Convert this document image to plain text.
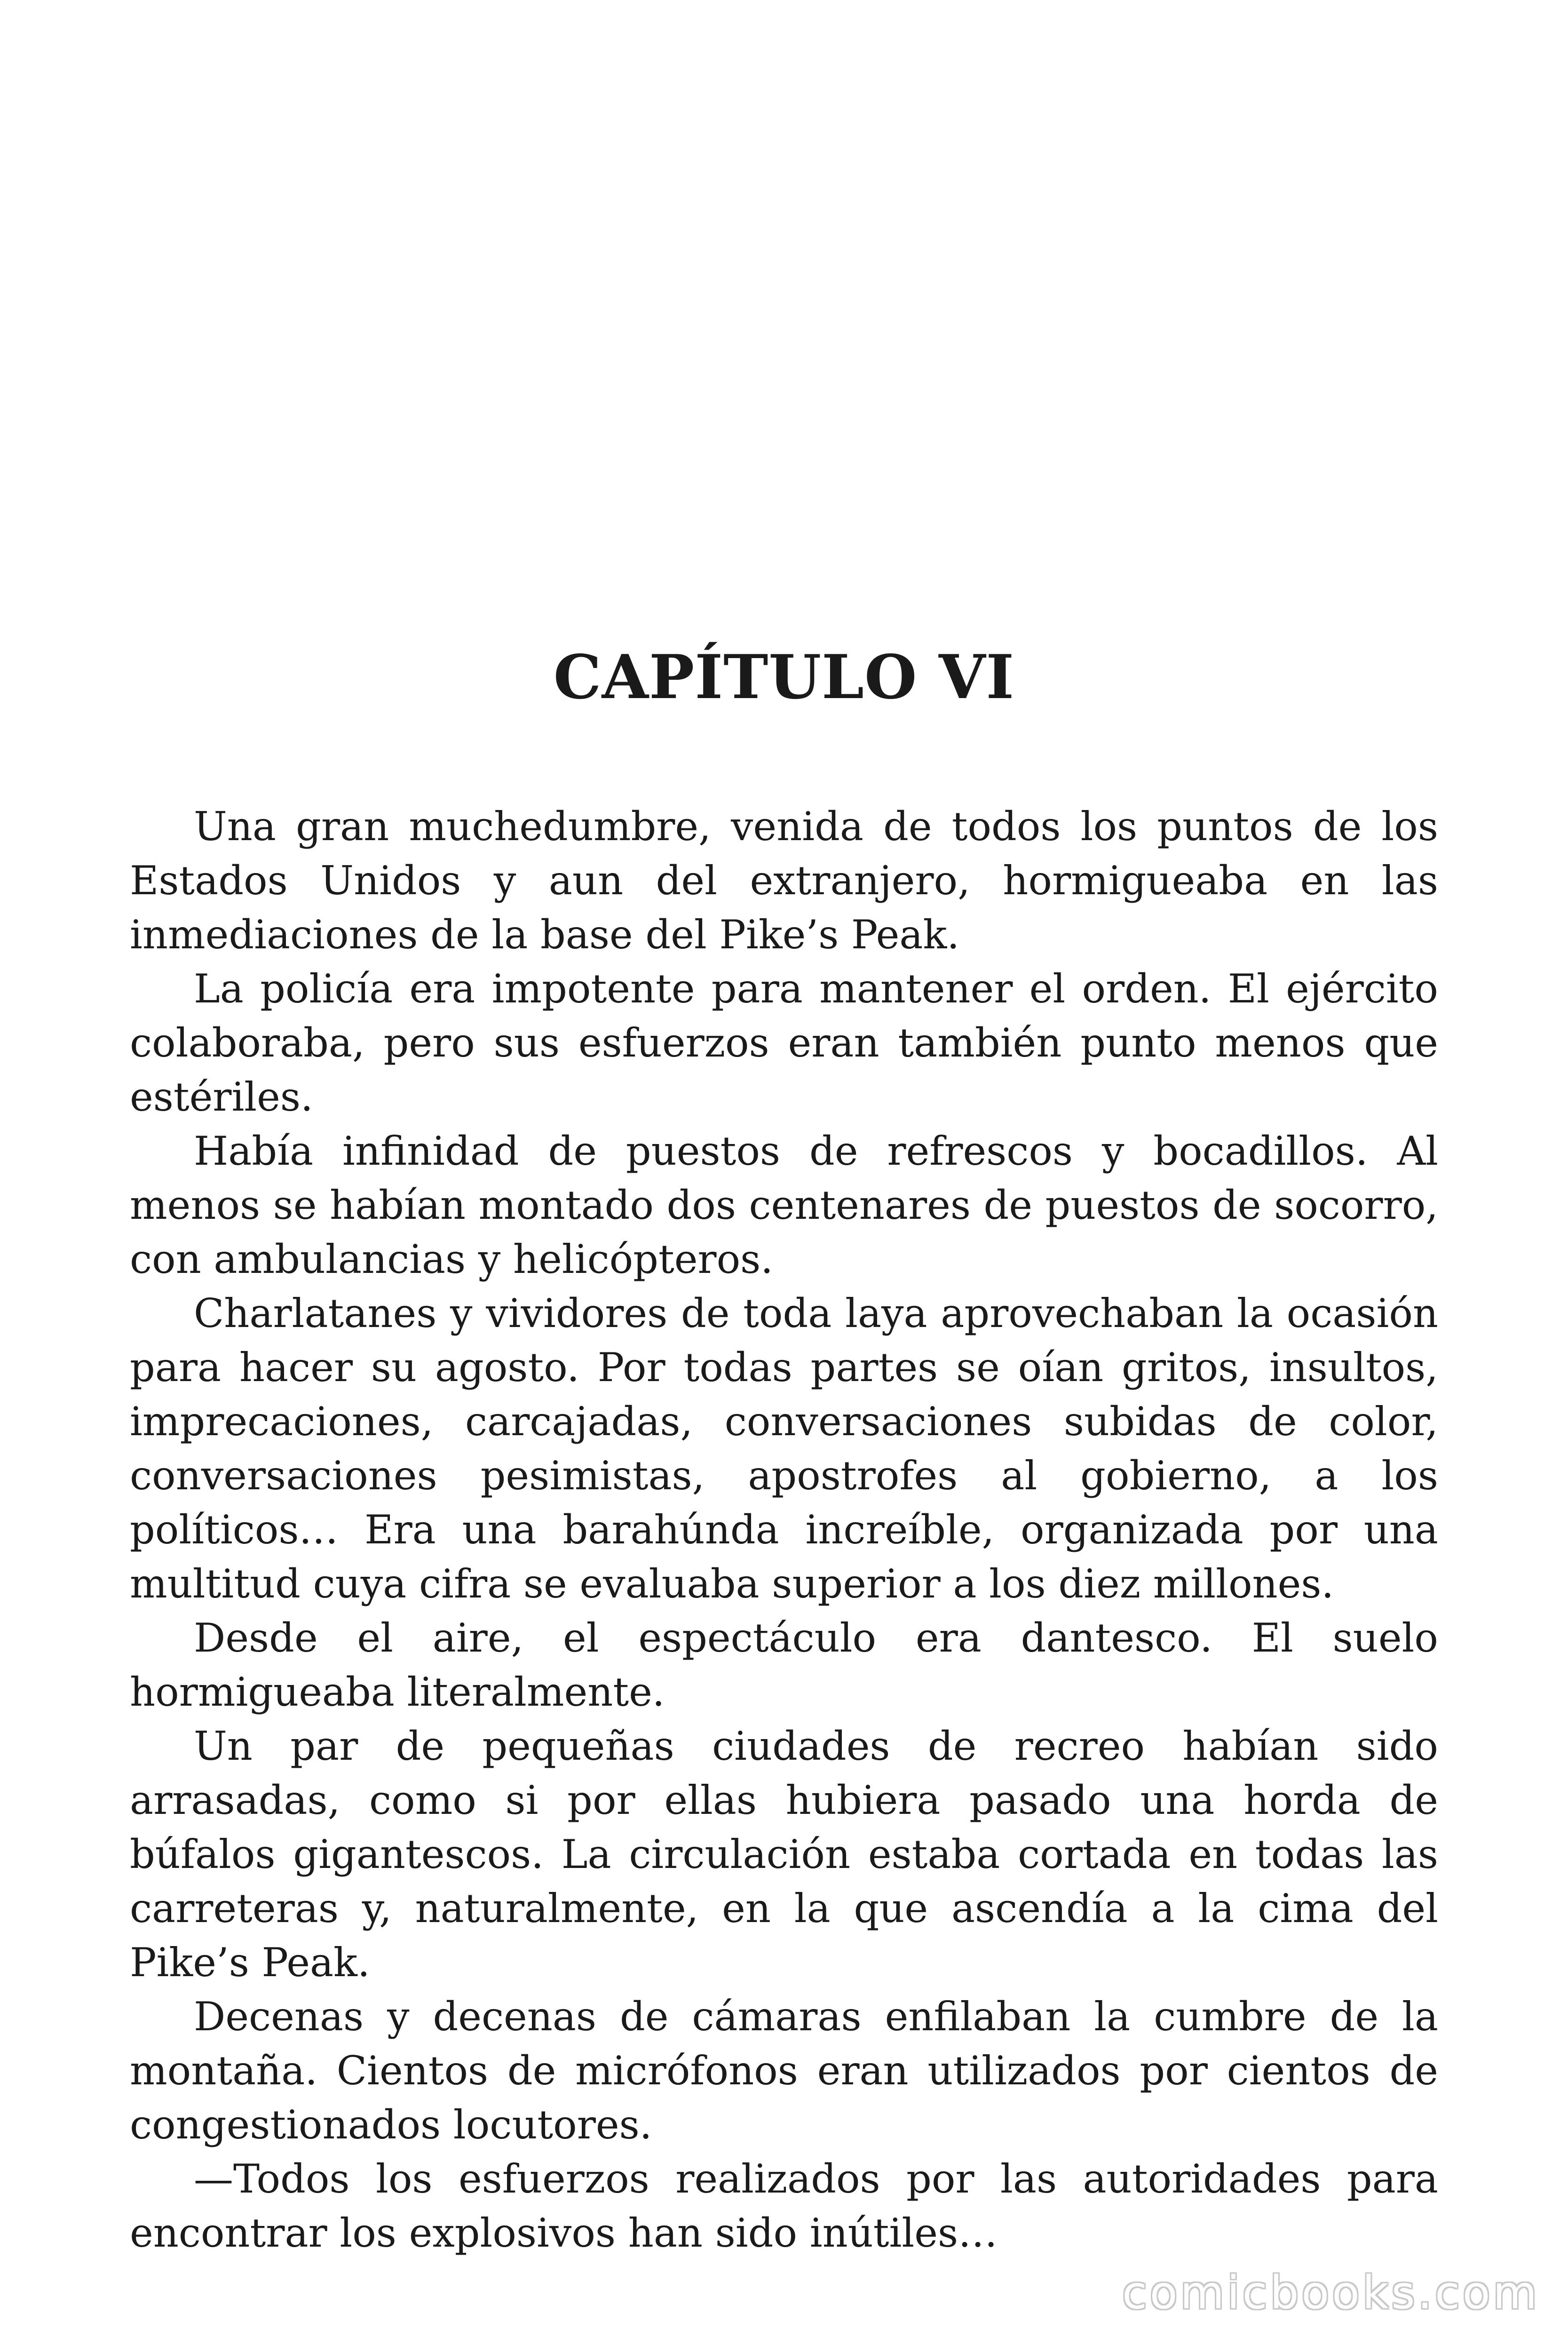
CAPÍTULO VI

Una gran muchedumbre, venida de todos los puntos de los Estados Unidos y aun del extranjero, hormigueaba en las inmediaciones de la base del Pike’s Peak.

La policía era impotente para mantener el orden. El ejército colaboraba, pero sus esfuerzos eran también punto menos que estériles.

Había infinidad de puestos de refrescos y bocadillos. Al menos se habían montado dos centenares de puestos de socorro, con ambulancias y helicópteros.

Charlatanes y vividores de toda laya aprovechaban la ocasión para hacer su agosto. Por todas partes se oían gritos, insultos, imprecaciones, carcajadas, conversaciones subidas de color, conversaciones pesimistas, apostrofes al gobierno, a los políticos… Era una barahúnda increíble, organizada por una multitud cuya cifra se evaluaba superior a los diez millones.

Desde el aire, el espectáculo era dantesco. El suelo hormigueaba literalmente.

Un par de pequeñas ciudades de recreo habían sido arrasadas, como si por ellas hubiera pasado una horda de búfalos gigantescos. La circulación estaba cortada en todas las carreteras y, naturalmente, en la que ascendía a la cima del Pike’s Peak.

Decenas y decenas de cámaras enfilaban la cumbre de la montaña. Cientos de micrófonos eran utilizados por cientos de congestionados locutores.

—Todos los esfuerzos realizados por las autoridades para encontrar los explosivos han sido inútiles…

comicbooks.com
